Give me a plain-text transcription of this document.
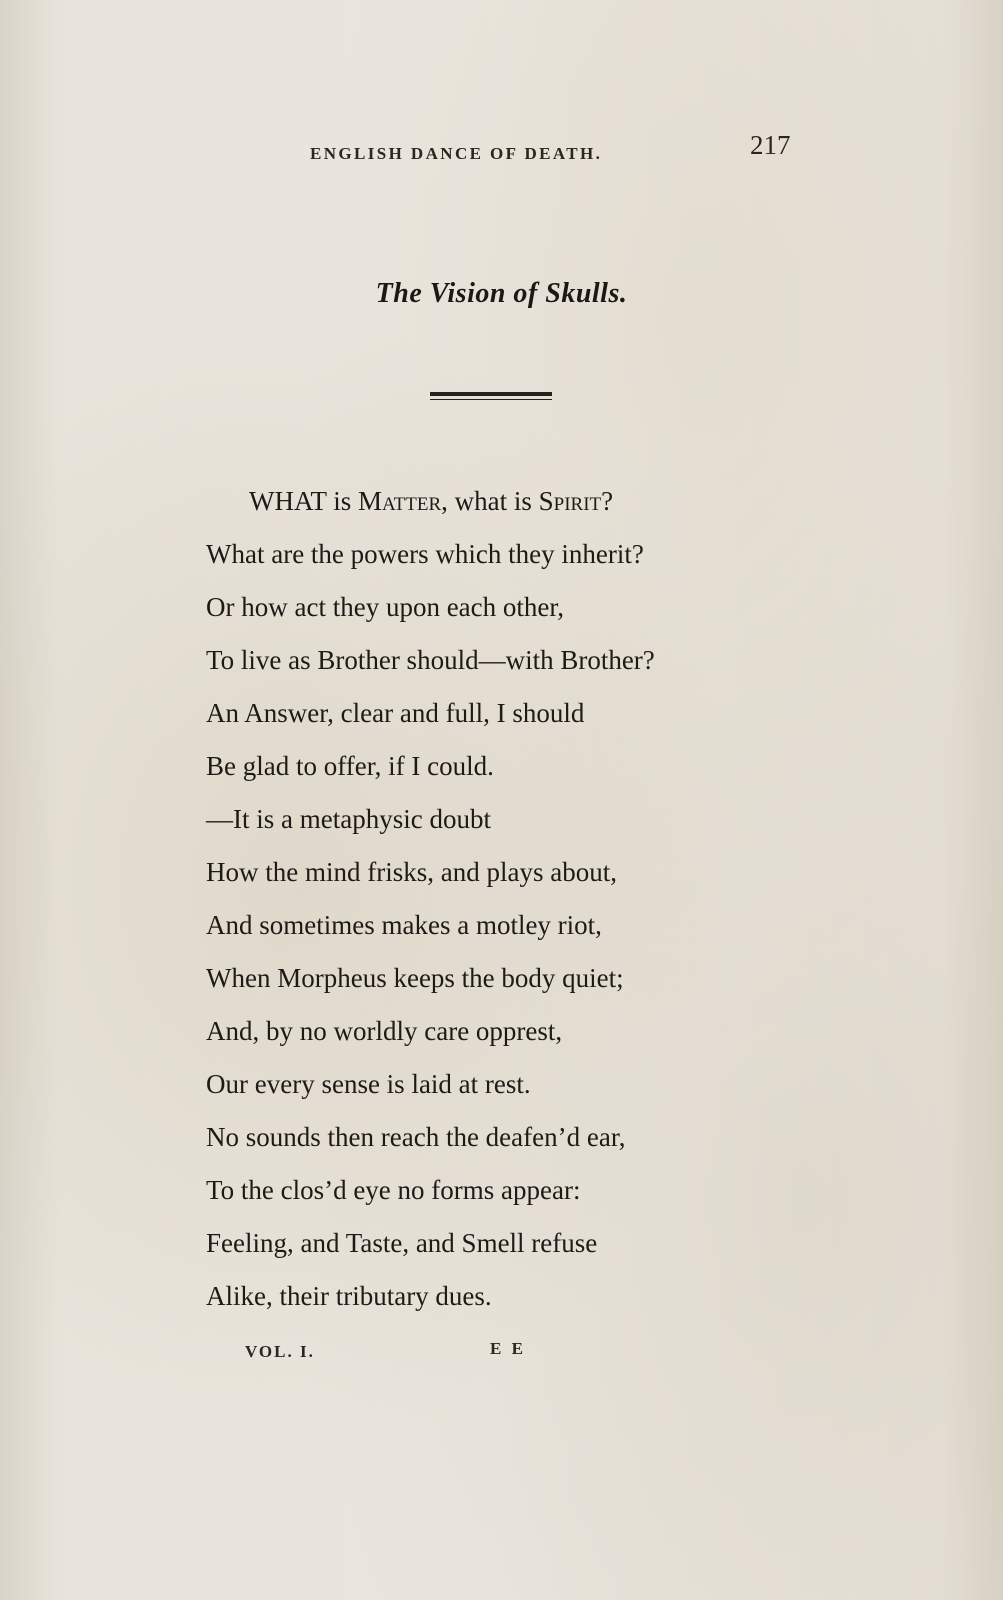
ENGLISH DANCE OF DEATH.	217
The Vision of Skulls.
WHAT is Matter, what is Spirit?
What are the powers which they inherit?
Or how act they upon each other,
To live as Brother should—with Brother?
An Answer, clear and full, I should
Be glad to offer, if I could.
—It is a metaphysic doubt
How the mind frisks, and plays about,
And sometimes makes a motley riot,
When Morpheus keeps the body quiet;
And, by no worldly care opprest,
Our every sense is laid at rest.
No sounds then reach the deafen’d ear,
To the clos’d eye no forms appear:
Feeling, and Taste, and Smell refuse
Alike, their tributary dues.
VOL. I.	E E
